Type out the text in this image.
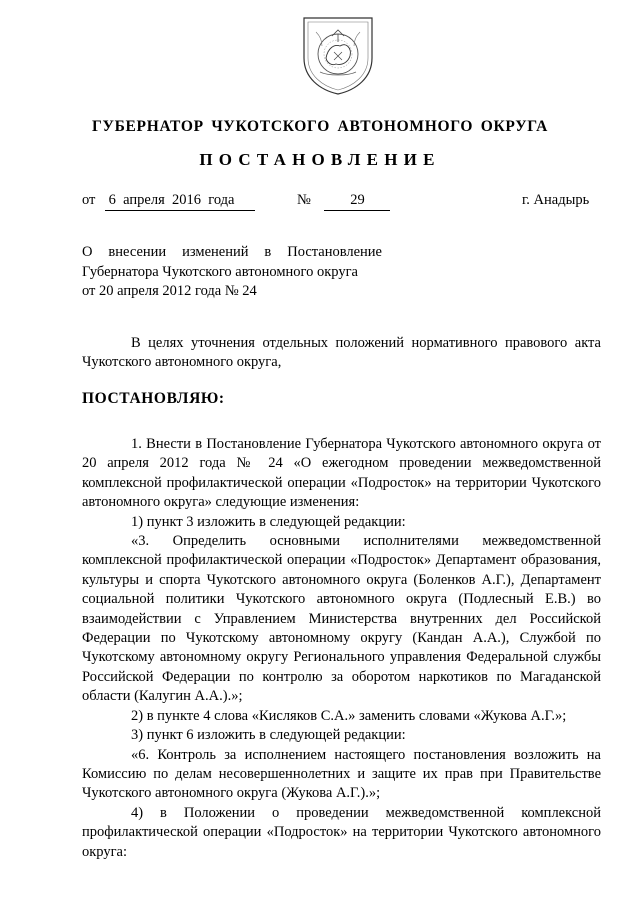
ГУБЕРНАТОР ЧУКОТСКОГО АВТОНОМНОГО ОКРУГА
ПОСТАНОВЛЕНИЕ
от  6  апреля  2016  года	№	29	г. Анадырь

О   внесении   изменений   в   Постановление

Губернатора Чукотского автономного округа

от 20 апреля 2012 года № 24

В целях уточнения отдельных положений нормативного правового акта Чукотского автономного округа,

ПОСТАНОВЛЯЮ:

1. Внести в Постановление Губернатора Чукотского автономного округа от 20 апреля 2012 года № 24 «О ежегодном проведении межведомственной комплексной профилактической операции «Подросток» на территории Чукотского автономного округа» следующие изменения:

1) пункт 3 изложить в следующей редакции:

«3. Определить основными исполнителями межведомственной комплексной профилактической операции «Подросток» Департамент образования, культуры и спорта Чукотского автономного округа (Боленков А.Г.), Департамент социальной политики Чукотского автономного округа (Подлесный Е.В.) во взаимодействии с Управлением Министерства внутренних дел Российской Федерации по Чукотскому автономному округу (Кандан А.А.), Службой по Чукотскому автономному округу Регионального управления Федеральной службы Российской Федерации по контролю за оборотом наркотиков по Магаданской области (Калугин А.А.).»;

2) в пункте 4 слова «Кисляков С.А.» заменить словами «Жукова А.Г.»;

3) пункт 6 изложить в следующей редакции:

«6. Контроль за исполнением настоящего постановления возложить на Комиссию по делам несовершеннолетних и защите их прав при Правительстве Чукотского автономного округа (Жукова А.Г.).»;

4) в Положении о проведении межведомственной комплексной профилактической операции «Подросток» на территории Чукотского автономного округа:
